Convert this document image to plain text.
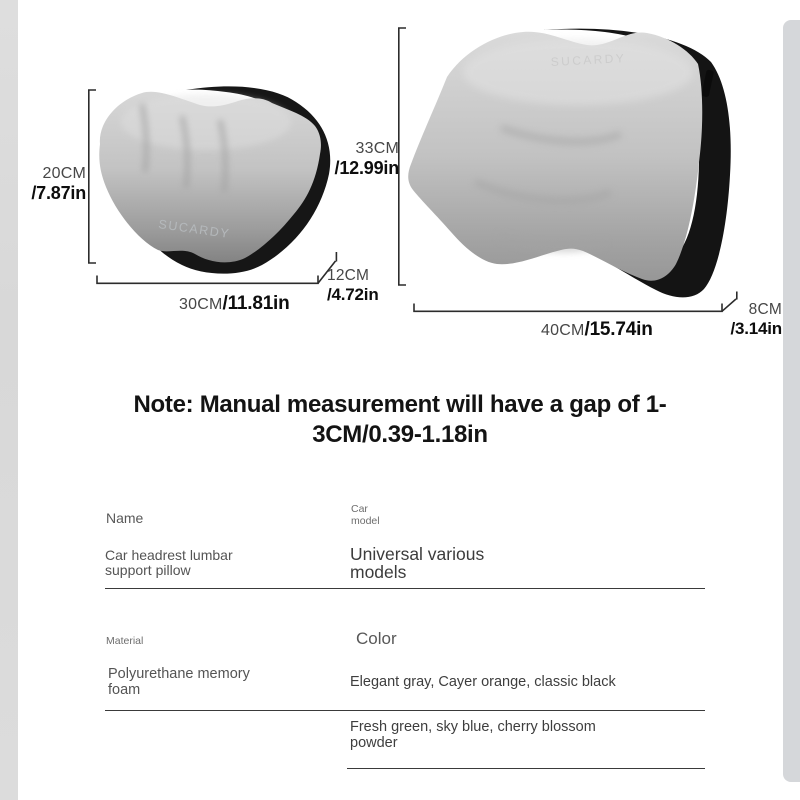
SUCARDY
SUCARDY
20CM
/7.87in
30CM/11.81in
12CM
/4.72in
33CM
/12.99in
40CM/15.74in
8CM
/3.14in
Note: Manual measurement will have a gap of 1-
3CM/0.39-1.18in
Name
Car model
Car headrest lumbar support pillow
Universal various models
Material	Color
Polyurethane memory foam	Elegant gray, Cayer orange, classic black
Fresh green, sky blue, cherry blossom powder
